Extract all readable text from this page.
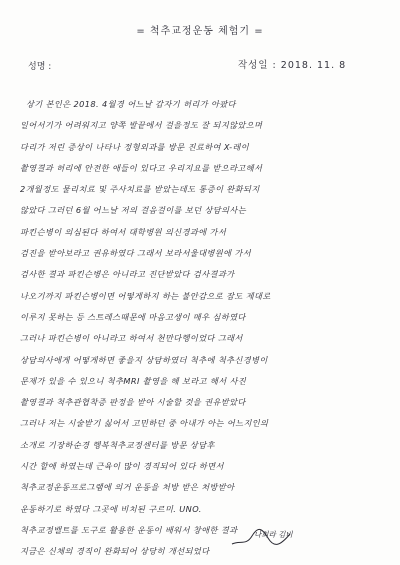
= 척추교정운동 체험기 =
성명 :	작성일 : 2018. 11. 8
상기 본인은 2018. 4월경 어느날 갑자기 허리가 아팠다
일어서기가 어려워지고 양쪽 발끝에서 걸을정도 잘 되지않았으며
다리가 저린 증상이 나타나 정형외과를 방문 진료하여 X-레이
촬영결과 허리에 안전한 애들이 있다고 우리지요를 받으라고해서
2개월정도 물리치료 및 주사치료를 받았는데도 통증이 완화되지
않았다 그러던 6월 어느날 저의 걸음걸이를 보던 상담의사는
파킨슨병이 의심된다 하여서 대학병원 의신경과에 가서
검진을 받아보라고 권유하였다 그래서 보라서울대병원에 가서
검사한 결과 파킨슨병은 아니라고 진단받았다 검사결과가
나오기까지 파킨슨병이면 어떻게하지 하는 불안감으로 잠도 제대로
이루지 못하는 등 스트레스때문에 마음고생이 매우 심하였다
그러나 파킨슨병이 아니라고 하여서 천만다행이었다 그래서
상담의사에게 어떻게하면 좋을지 상담하였더 척추에 척추신경병이
문제가 있을 수 있으니 척추MRI 촬영을 해 보라고 해서 사진
촬영결과 척추관협착증 판정을 받아 시술할 것을 권유받았다
그러나 저는 시술받기 싫어서 고민하던 중 아내가 아는 어느지인의
소개로 기장하순경 행복척추교정센터를 방문 상담후
시간 할애 하였는데 근육이 많이 경직되어 있다 하면서
척추교정운동프로그램에 의거 운동을 처방 받은 처방받아
운동하기로 하였다 그곳에 비치된 구르미. UNO.
척추교정밸트를 도구로 활용한 운동이 배워서 창애한 결과
지금은 신체의 경직이 완화되어 상당히 개선되었다
나희라 김비
